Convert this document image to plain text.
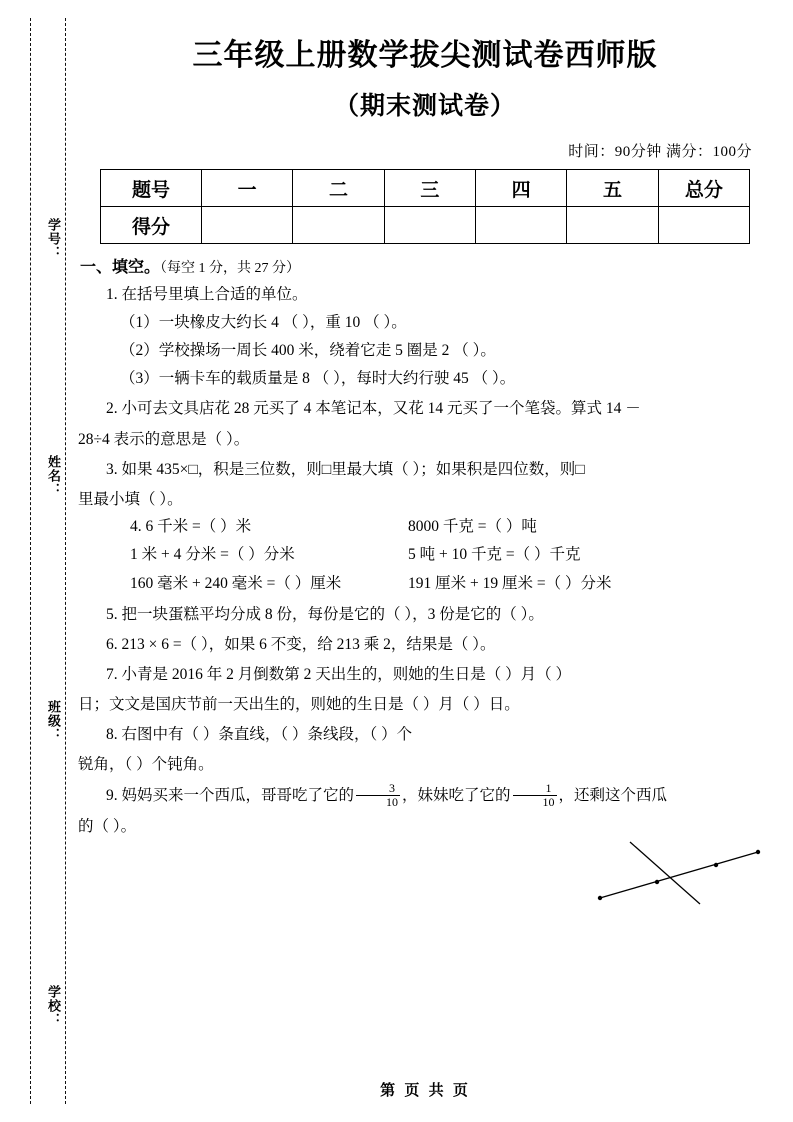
学号：
姓名：
班级：
学校：
三年级上册数学拔尖测试卷西师版
（期末测试卷）
时间：90分钟 满分：100分
题号	一	二	三	四	五	总分
得分						
一、填空。（每空 1 分，共 27 分）
1. 在括号里填上合适的单位。
（1）一块橡皮大约长 4 （ ），重 10 （ ）。
（2）学校操场一周长 400 米，绕着它走 5 圈是 2 （ ）。
（3）一辆卡车的载质量是 8 （ ），每时大约行驶 45 （ ）。
2. 小可去文具店花 28 元买了 4 本笔记本，又花 14 元买了一个笔袋。算式 14 －
28÷4 表示的意思是（ ）。
3. 如果 435×□，积是三位数，则□里最大填（ ）；如果积是四位数，则□
里最小填（ ）。
4. 6 千米 =（ ）米	8000 千克 =（ ）吨
1 米 + 4 分米 =（ ）分米	5 吨 + 10 千克 =（ ）千克
160 毫米 + 240 毫米 =（ ）厘米	191 厘米 + 19 厘米 =（ ）分米
5. 把一块蛋糕平均分成 8 份，每份是它的（ ），3 份是它的（ ）。
6. 213 × 6 =（ ），如果 6 不变，给 213 乘 2，结果是（ ）。
7. 小青是 2016 年 2 月倒数第 2 天出生的，则她的生日是（ ）月（ ）
日；文文是国庆节前一天出生的，则她的生日是（ ）月（ ）日。
8. 右图中有（ ）条直线，（ ）条线段，（ ）个
锐角，（ ）个钝角。
9. 妈妈买来一个西瓜，哥哥吃了它的 $\frac{3}{10}$ ，妹妹吃了它的 $\frac{1}{10}$ ，还剩这个西瓜
的（ ）。
第 页 共 页
